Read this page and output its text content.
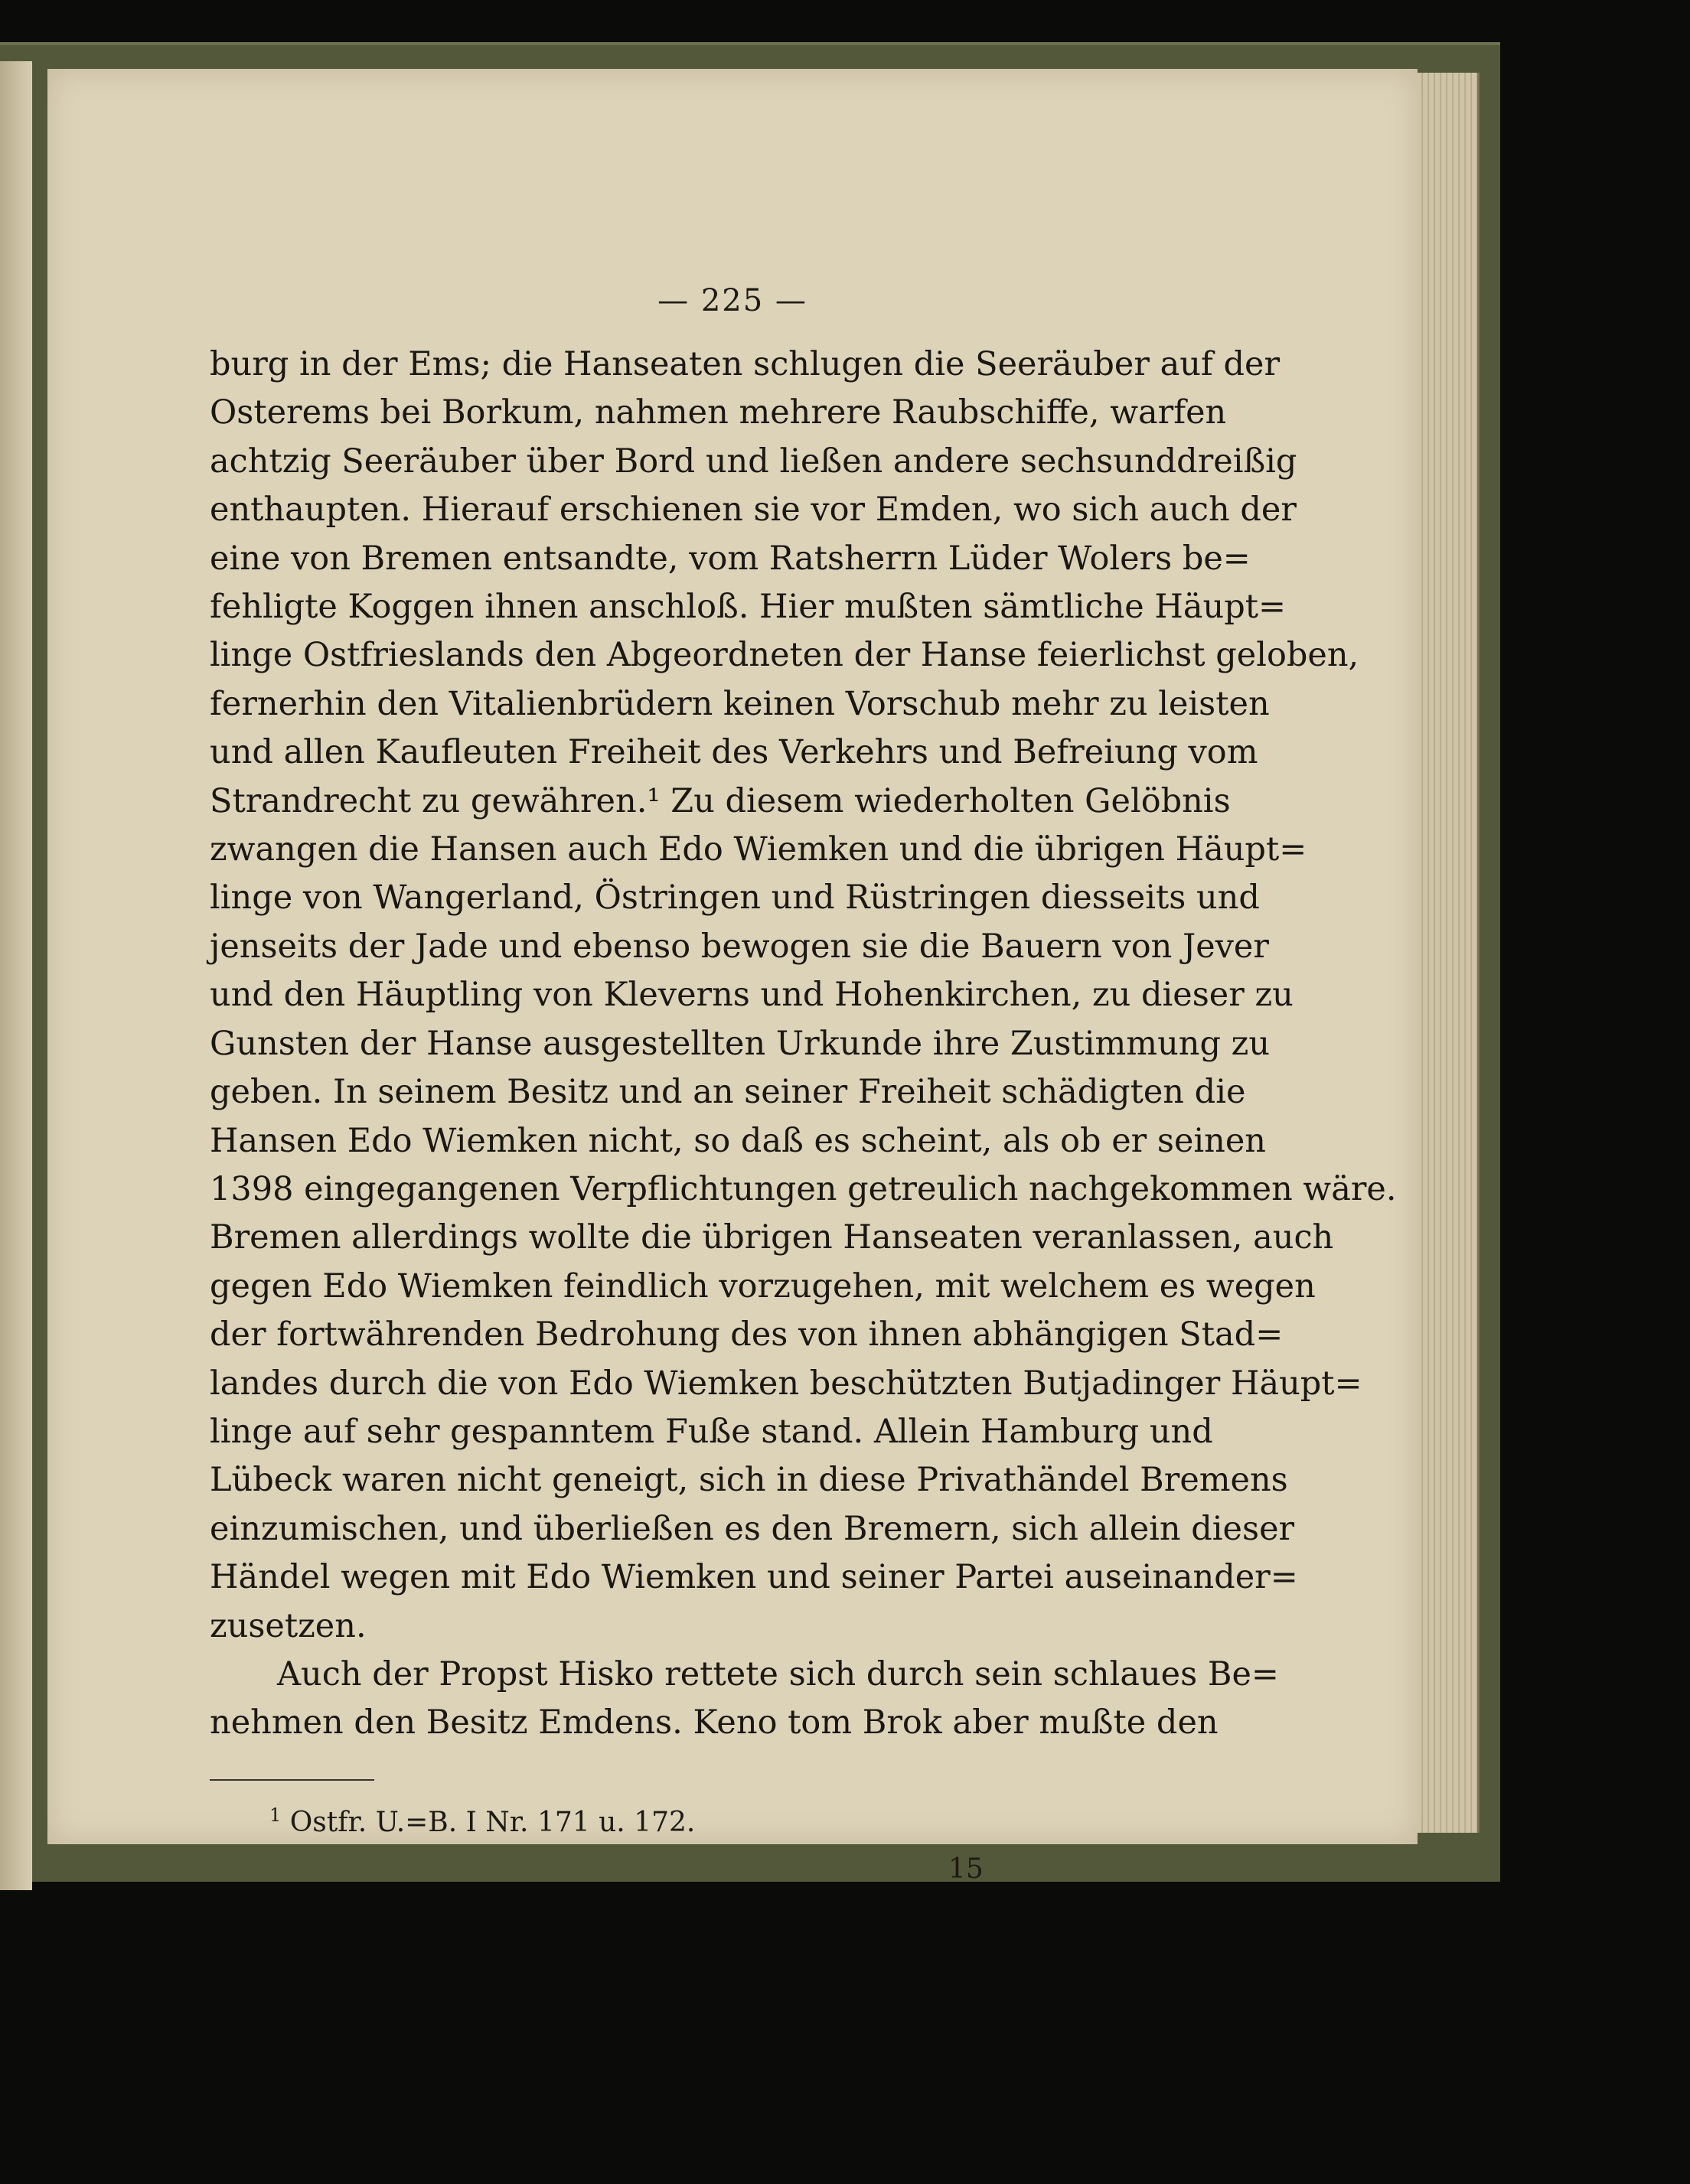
— 225 —

burg in der Ems; die Hanseaten schlugen die Seeräuber auf der
Osterems bei Borkum, nahmen mehrere Raubschiffe, warfen
achtzig Seeräuber über Bord und ließen andere sechsunddreißig
enthaupten. Hierauf erschienen sie vor Emden, wo sich auch der
eine von Bremen entsandte, vom Ratsherrn Lüder Wolers be=
fehligte Koggen ihnen anschloß. Hier mußten sämtliche Häupt=
linge Ostfrieslands den Abgeordneten der Hanse feierlichst geloben,
fernerhin den Vitalienbrüdern keinen Vorschub mehr zu leisten
und allen Kaufleuten Freiheit des Verkehrs und Befreiung vom
Strandrecht zu gewähren.¹ Zu diesem wiederholten Gelöbnis
zwangen die Hansen auch Edo Wiemken und die übrigen Häupt=
linge von Wangerland, Östringen und Rüstringen diesseits und
jenseits der Jade und ebenso bewogen sie die Bauern von Jever
und den Häuptling von Kleverns und Hohenkirchen, zu dieser zu
Gunsten der Hanse ausgestellten Urkunde ihre Zustimmung zu
geben. In seinem Besitz und an seiner Freiheit schädigten die
Hansen Edo Wiemken nicht, so daß es scheint, als ob er seinen
1398 eingegangenen Verpflichtungen getreulich nachgekommen wäre.
Bremen allerdings wollte die übrigen Hanseaten veranlassen, auch
gegen Edo Wiemken feindlich vorzugehen, mit welchem es wegen
der fortwährenden Bedrohung des von ihnen abhängigen Stad=
landes durch die von Edo Wiemken beschützten Butjadinger Häupt=
linge auf sehr gespanntem Fuße stand. Allein Hamburg und
Lübeck waren nicht geneigt, sich in diese Privathändel Bremens
einzumischen, und überließen es den Bremern, sich allein dieser
Händel wegen mit Edo Wiemken und seiner Partei auseinander=
zusetzen.

Auch der Propst Hisko rettete sich durch sein schlaues Be=
nehmen den Besitz Emdens. Keno tom Brok aber mußte den

$^1$ Ostfr. U.=B. I Nr. 171 u. 172.
15
